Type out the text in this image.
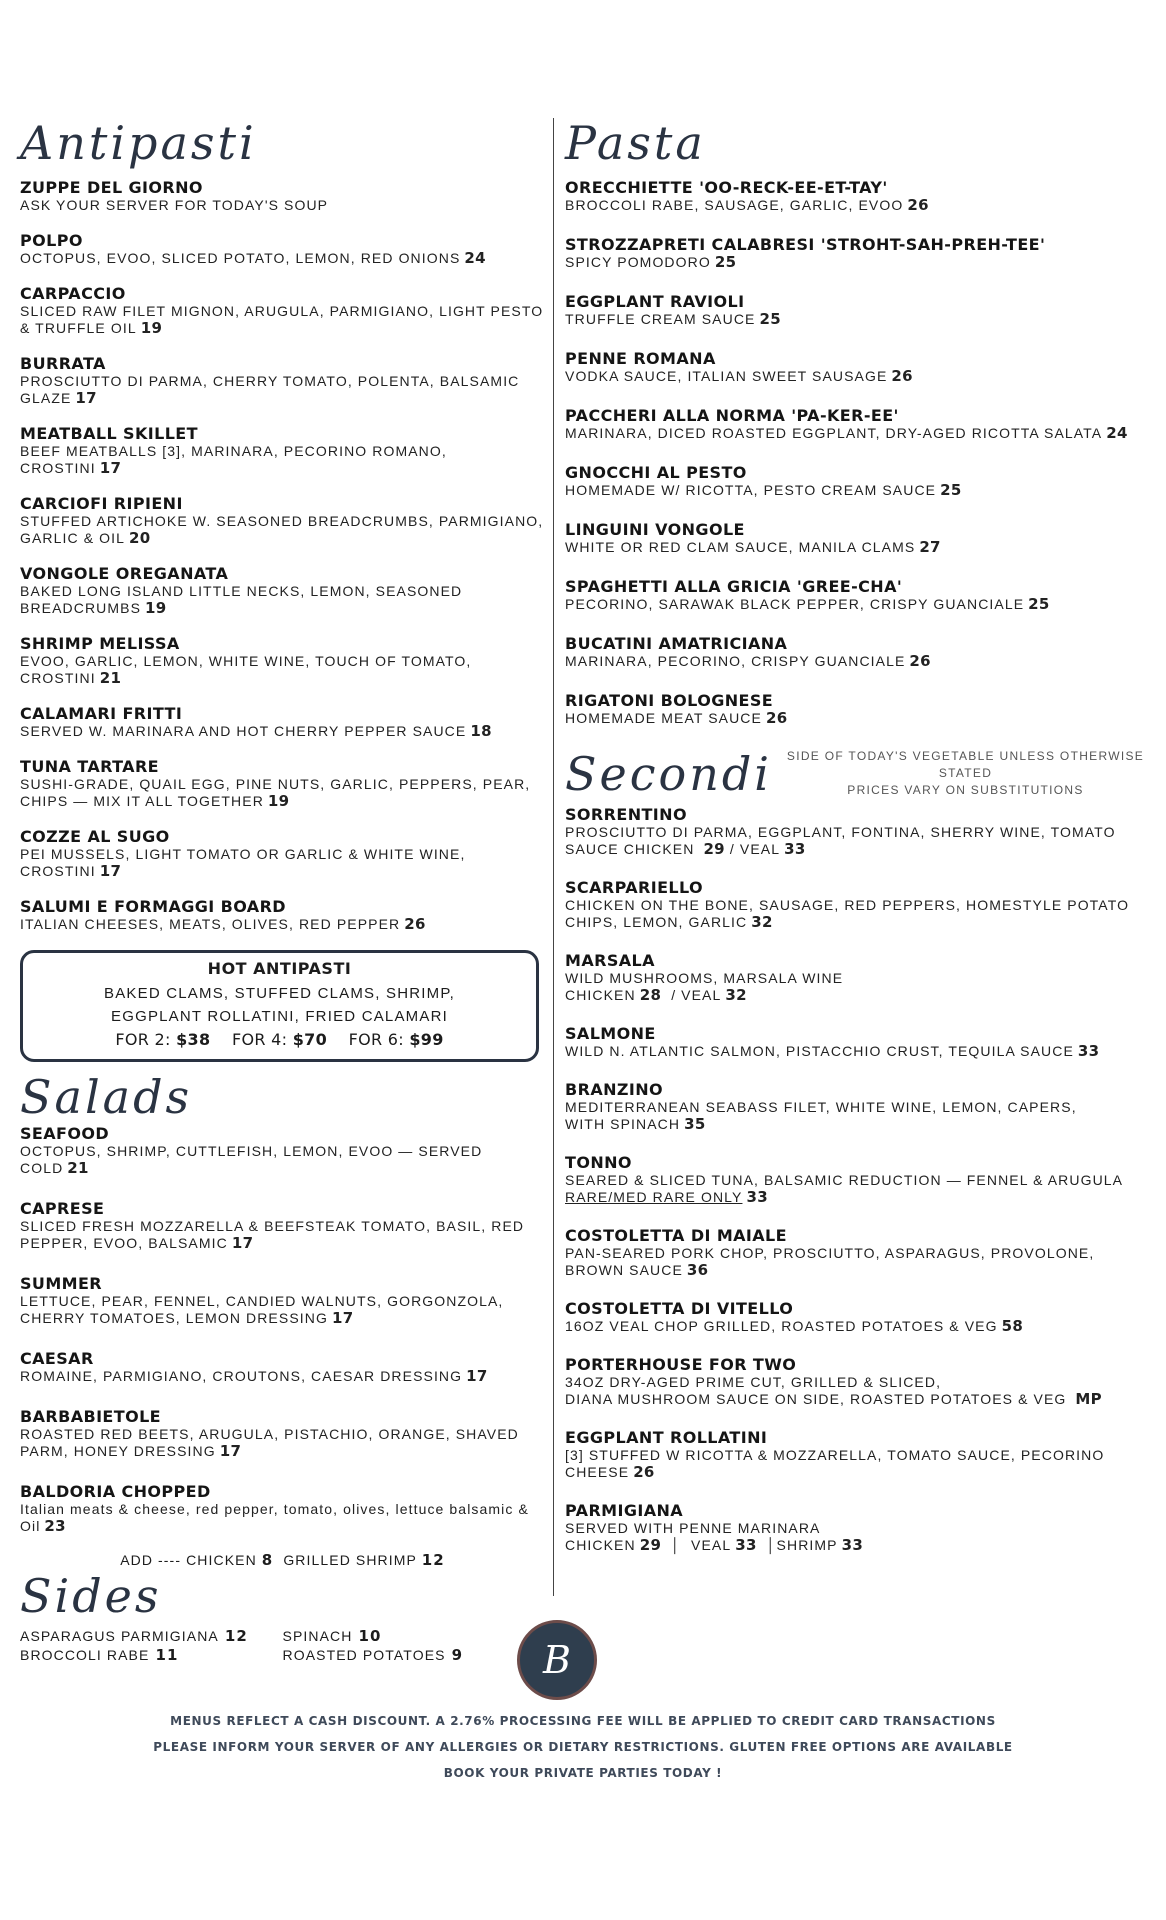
Antipasti
ZUPPE DEL GIORNO
ASK YOUR SERVER FOR TODAY'S SOUP
POLPO
OCTOPUS, EVOO, SLICED POTATO, LEMON, RED ONIONS 24
CARPACCIO
SLICED RAW FILET MIGNON, ARUGULA, PARMIGIANO, LIGHT PESTO & TRUFFLE OIL 19
BURRATA
PROSCIUTTO DI PARMA, CHERRY TOMATO, POLENTA, BALSAMIC GLAZE 17
MEATBALL SKILLET
BEEF MEATBALLS [3], MARINARA, PECORINO ROMANO, CROSTINI 17
CARCIOFI RIPIENI
STUFFED ARTICHOKE W. SEASONED BREADCRUMBS, PARMIGIANO, GARLIC & OIL 20
VONGOLE OREGANATA
BAKED LONG ISLAND LITTLE NECKS, LEMON, SEASONED BREADCRUMBS 19
SHRIMP MELISSA
EVOO, GARLIC, LEMON, WHITE WINE, TOUCH OF TOMATO, CROSTINI 21
CALAMARI FRITTI
SERVED W. MARINARA AND HOT CHERRY PEPPER SAUCE 18
TUNA TARTARE
SUSHI-GRADE, QUAIL EGG, PINE NUTS, GARLIC, PEPPERS, PEAR, CHIPS — MIX IT ALL TOGETHER 19
COZZE AL SUGO
PEI MUSSELS, LIGHT TOMATO OR GARLIC & WHITE WINE, CROSTINI 17
SALUMI E FORMAGGI BOARD
ITALIAN CHEESES, MEATS, OLIVES, RED PEPPER 26
HOT ANTIPASTI
BAKED CLAMS, STUFFED CLAMS, SHRIMP,
EGGPLANT ROLLATINI, FRIED CALAMARI
FOR 2: $38 FOR 4: $70 FOR 6: $99
Salads
SEAFOOD
OCTOPUS, SHRIMP, CUTTLEFISH, LEMON, EVOO — SERVED COLD 21
CAPRESE
SLICED FRESH MOZZARELLA & BEEFSTEAK TOMATO, BASIL, RED PEPPER, EVOO, BALSAMIC 17
SUMMER
LETTUCE, PEAR, FENNEL, CANDIED WALNUTS, GORGONZOLA, CHERRY TOMATOES, LEMON DRESSING 17
CAESAR
ROMAINE, PARMIGIANO, CROUTONS, CAESAR DRESSING 17
BARBABIETOLE
ROASTED RED BEETS, ARUGULA, PISTACHIO, ORANGE, SHAVED PARM, HONEY DRESSING 17
BALDORIA CHOPPED
Italian meats & cheese, red pepper, tomato, olives, lettuce balsamic & Oil 23
ADD ---- CHICKEN 8 GRILLED SHRIMP 12
Sides
ASPARAGUS PARMIGIANA 12
BROCCOLI RABE 11
SPINACH 10
ROASTED POTATOES 9
Pasta
ORECCHIETTE 'OO-RECK-EE-ET-TAY'
BROCCOLI RABE, SAUSAGE, GARLIC, EVOO 26
STROZZAPRETI CALABRESI 'STROHT-SAH-PREH-TEE'
SPICY POMODORO 25
EGGPLANT RAVIOLI
TRUFFLE CREAM SAUCE 25
PENNE ROMANA
VODKA SAUCE, ITALIAN SWEET SAUSAGE 26
PACCHERI ALLA NORMA 'PA-KER-EE'
MARINARA, DICED ROASTED EGGPLANT, DRY-AGED RICOTTA SALATA 24
GNOCCHI AL PESTO
HOMEMADE W/ RICOTTA, PESTO CREAM SAUCE 25
LINGUINI VONGOLE
WHITE OR RED CLAM SAUCE, MANILA CLAMS 27
SPAGHETTI ALLA GRICIA 'GREE-CHA'
PECORINO, SARAWAK BLACK PEPPER, CRISPY GUANCIALE 25
BUCATINI AMATRICIANA
MARINARA, PECORINO, CRISPY GUANCIALE 26
RIGATONI BOLOGNESE
HOMEMADE MEAT SAUCE 26
Secondi SIDE OF TODAY'S VEGETABLE UNLESS OTHERWISE STATED
PRICES VARY ON SUBSTITUTIONS
SORRENTINO
PROSCIUTTO DI PARMA, EGGPLANT, FONTINA, SHERRY WINE, TOMATO SAUCE CHICKEN 29 / VEAL 33
SCARPARIELLO
CHICKEN ON THE BONE, SAUSAGE, RED PEPPERS, HOMESTYLE POTATO CHIPS, LEMON, GARLIC 32
MARSALA
WILD MUSHROOMS, MARSALA WINE
CHICKEN 28 / VEAL 32
SALMONE
WILD N. ATLANTIC SALMON, PISTACCHIO CRUST, TEQUILA SAUCE 33
BRANZINO
MEDITERRANEAN SEABASS FILET, WHITE WINE, LEMON, CAPERS,
WITH SPINACH 35
TONNO
SEARED & SLICED TUNA, BALSAMIC REDUCTION — FENNEL & ARUGULA
RARE/MED RARE ONLY 33
COSTOLETTA DI MAIALE
PAN-SEARED PORK CHOP, PROSCIUTTO, ASPARAGUS, PROVOLONE, BROWN SAUCE 36
COSTOLETTA DI VITELLO
16OZ VEAL CHOP GRILLED, ROASTED POTATOES & VEG 58
PORTERHOUSE FOR TWO
34OZ DRY-AGED PRIME CUT, GRILLED & SLICED,
DIANA MUSHROOM SAUCE ON SIDE, ROASTED POTATOES & VEG MP
EGGPLANT ROLLATINI
[3] STUFFED W RICOTTA & MOZZARELLA, TOMATO SAUCE, PECORINO CHEESE 26
PARMIGIANA
SERVED WITH PENNE MARINARA
CHICKEN 29  │  VEAL 33  │SHRIMP 33
B
MENUS REFLECT A CASH DISCOUNT. A 2.76% PROCESSING FEE WILL BE APPLIED TO CREDIT CARD TRANSACTIONS
PLEASE INFORM YOUR SERVER OF ANY ALLERGIES OR DIETARY RESTRICTIONS. GLUTEN FREE OPTIONS ARE AVAILABLE
BOOK YOUR PRIVATE PARTIES TODAY !
